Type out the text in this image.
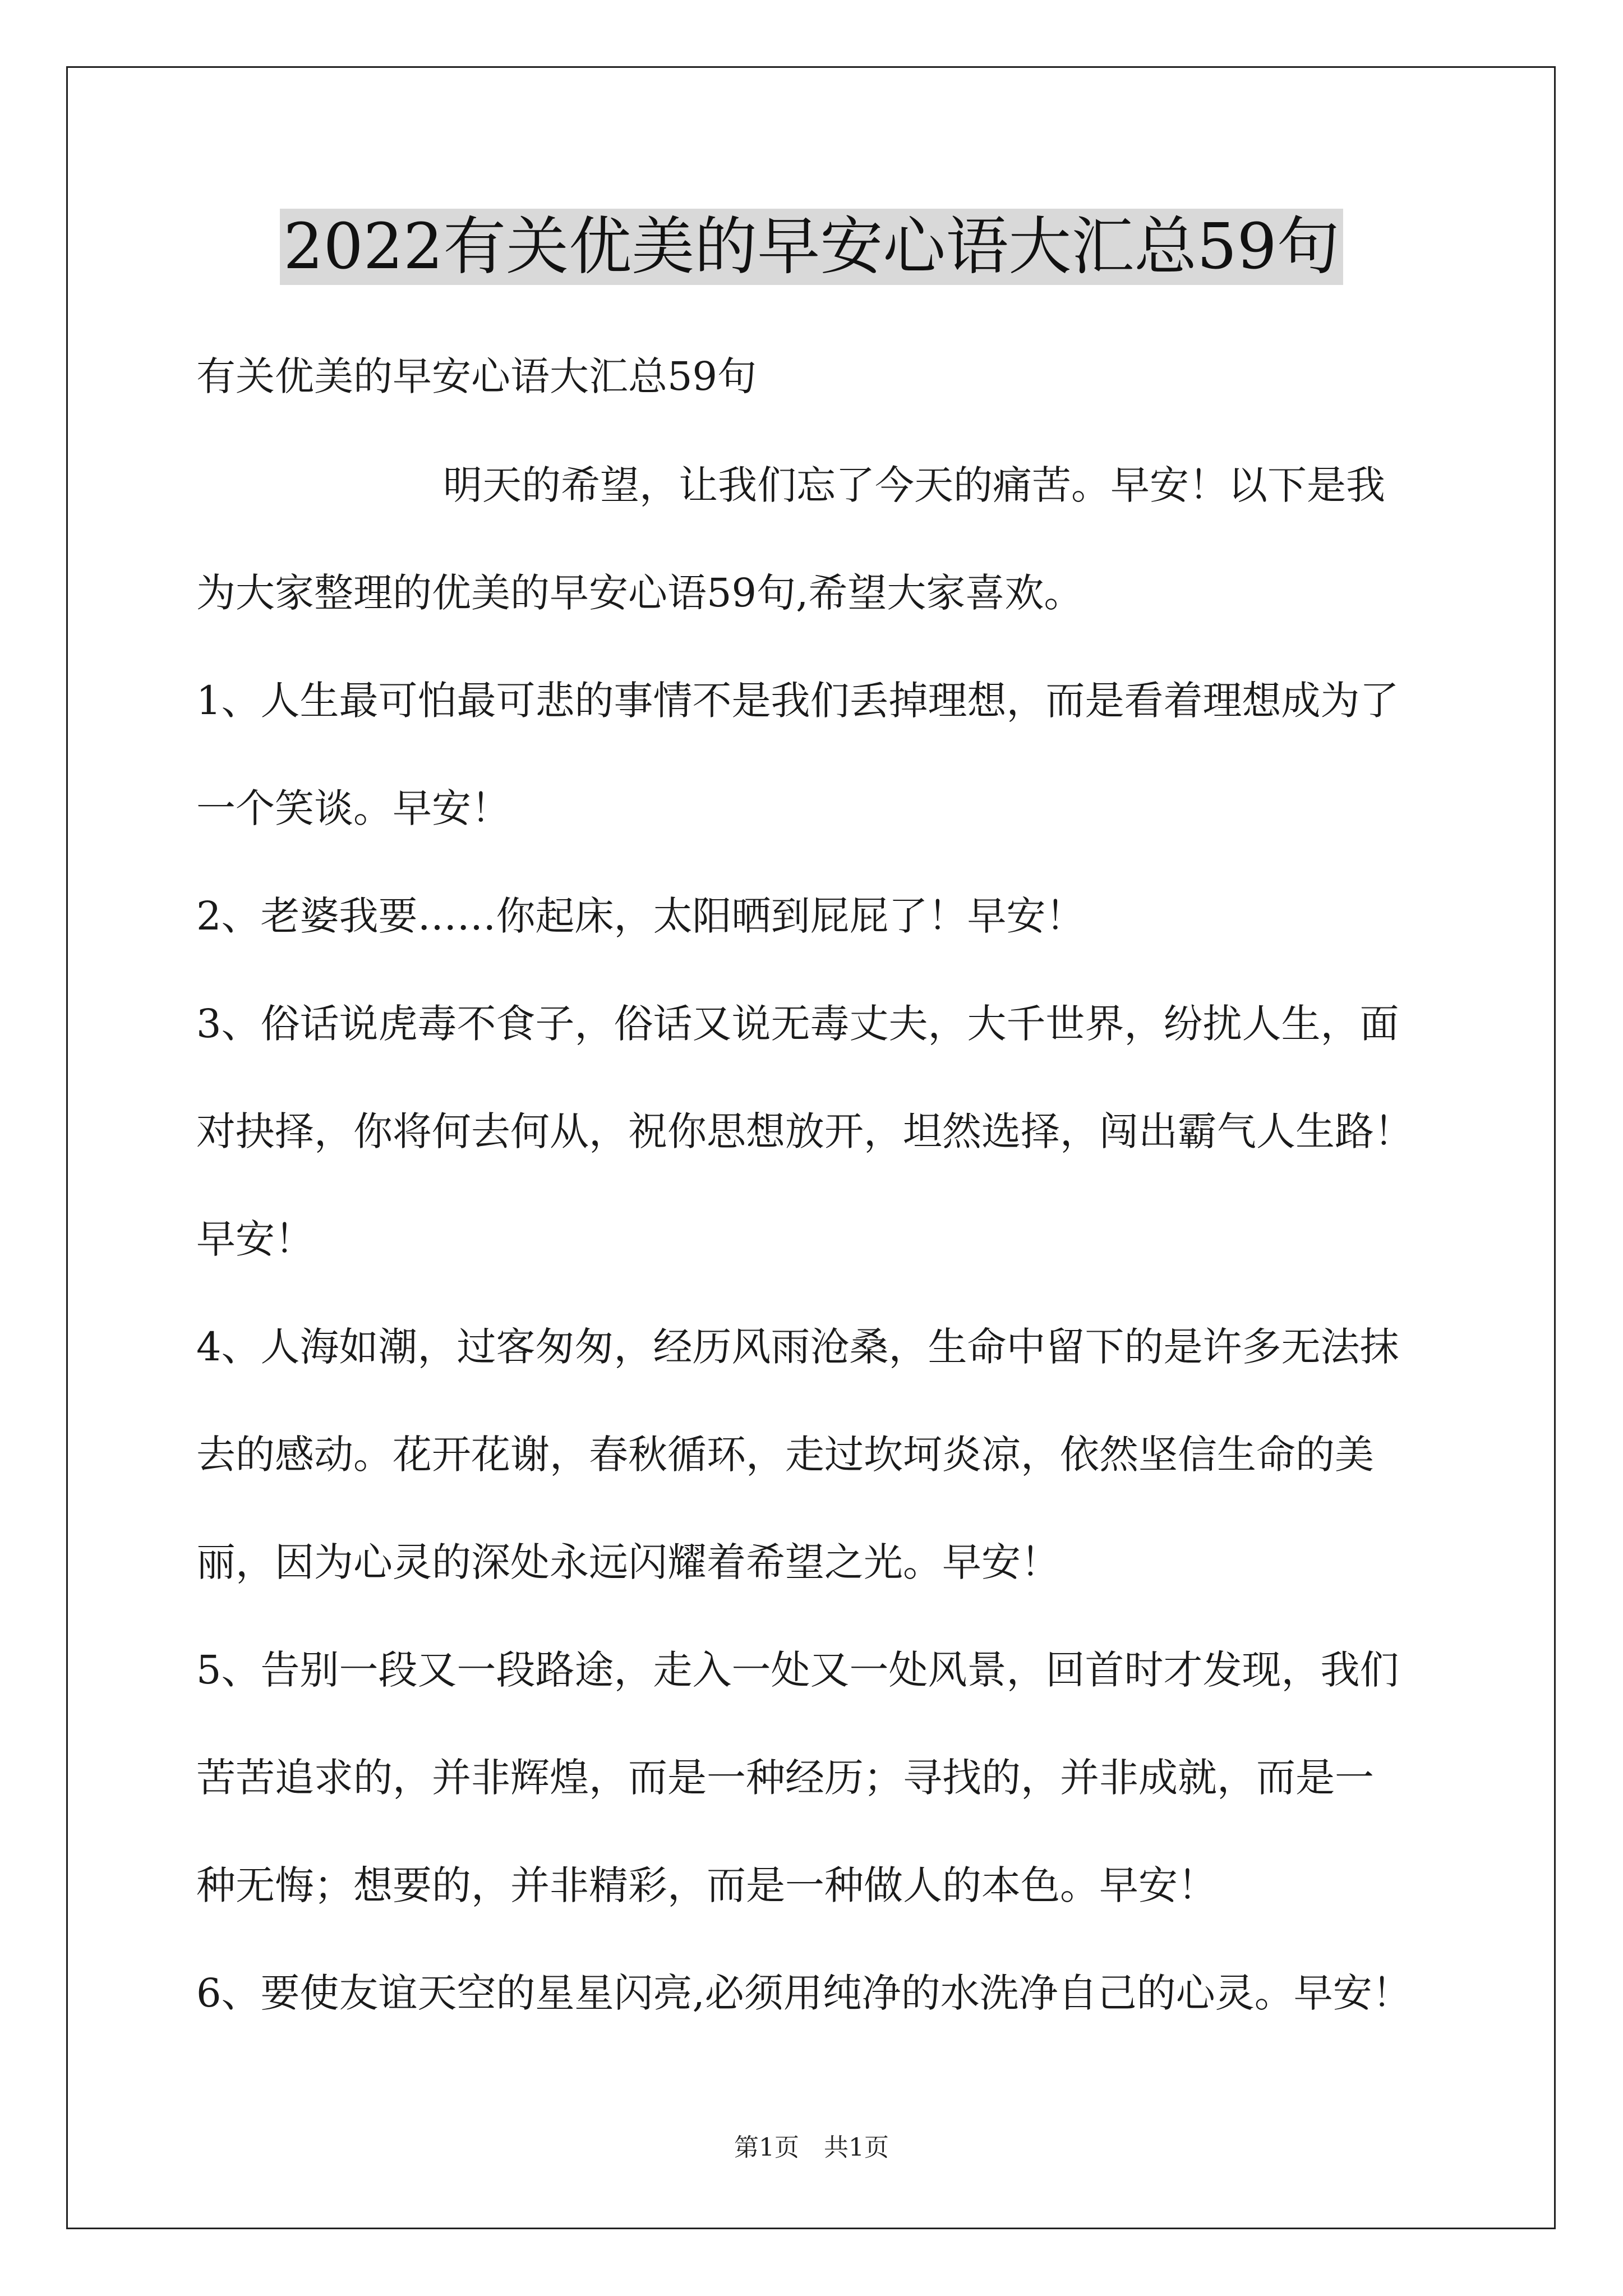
2022有关优美的早安心语大汇总59句
有关优美的早安心语大汇总59句
明天的希望，让我们忘了今天的痛苦。早安！以下是我
为大家整理的优美的早安心语59句,希望大家喜欢。
1、人生最可怕最可悲的事情不是我们丢掉理想，而是看着理想成为了
一个笑谈。早安！
2、老婆我要……你起床，太阳晒到屁屁了！早安！
3、俗话说虎毒不食子，俗话又说无毒丈夫，大千世界，纷扰人生，面
对抉择，你将何去何从，祝你思想放开，坦然选择，闯出霸气人生路！
早安！
4、人海如潮，过客匆匆，经历风雨沧桑，生命中留下的是许多无法抹
去的感动。花开花谢，春秋循环，走过坎坷炎凉，依然坚信生命的美
丽，因为心灵的深处永远闪耀着希望之光。早安！
5、告别一段又一段路途，走入一处又一处风景，回首时才发现，我们
苦苦追求的，并非辉煌，而是一种经历；寻找的，并非成就，而是一
种无悔；想要的，并非精彩，而是一种做人的本色。早安！
6、要使友谊天空的星星闪亮,必须用纯净的水洗净自己的心灵。早安！
第1页　共1页
